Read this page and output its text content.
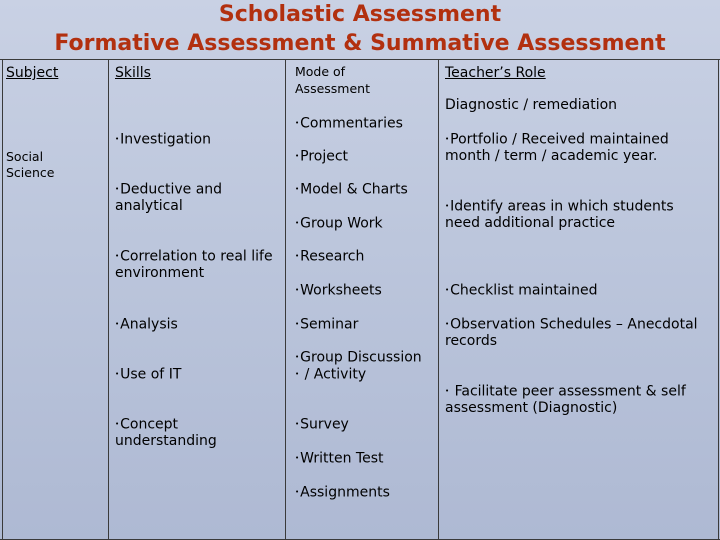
Scholastic Assessment
Formative Assessment & Summative Assessment
Subject	Skills	Mode of
Assessment
Teacher’s Role
Social
Science
•Investigation
•Deductive and
analytical
•Correlation to real life
environment
•Analysis
•Use of IT
•Concept
understanding
•Commentaries
•Project
•Model & Charts
•Group Work
•Research
•Worksheets
•Seminar
•Group Discussion
• / Activity
•Survey
•Written Test
•Assignments
Diagnostic / remediation
•Portfolio / Received maintained
month / term / academic year.
•Identify areas in which students
need additional practice
•Checklist maintained
•Observation Schedules – Anecdotal
records
• Facilitate peer assessment & self
assessment (Diagnostic)
